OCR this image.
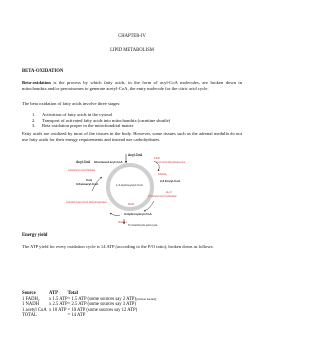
CHAPTER-IV
LIPID METABOLISM
BETA-OXIDATION
Beta-oxidation is the process by which fatty acids, in the form of acyl-CoA molecules, are broken down in mitochondria and/or peroxisomes to generate acetyl-CoA, the entry molecule for the citric acid cycle.
The beta oxidation of fatty acids involve three stages:
1. Activation of fatty acids in the cytosol
2. Transport of activated fatty acids into mitochondria (carnitine shuttle)
3. Beta oxidation proper in the mitochondrial matrix
Fatty acids are oxidized by most of the tissues in the body. However, some tissues such as the adrenal medulla do not use fatty acids for their energy requirements and instead use carbohydrates.
Acyl-CoA
Acyl-CoA Shortened acyl-CoA
FAD
Acyl-CoA dehydrogenase
3-ketoacyl-CoA thiolase
CoA
FADH₂
2,3 Enoyl-CoA
3-Ketoacyl-CoA	L-3-Hydroxyacyl-CoA
3-Hydroxyacyl-CoA dehydrogenase
2,3 Enoyl-CoA hydratase
H₂O
NAD
NADH
3-Hydroxyacyl-CoA
To tricarboxylic acid cycle
Energy yield
The ATP yield for every oxidation cycle is 14 ATP (according to the P/O ratio), broken down as follows:
Source	ATP	Total
1 FADH₂	x 1.5 ATP	= 1.5 ATP (some sources say 2 ATP)[citation needed]
1 NADH	x 2.5 ATP	= 2.5 ATP (some sources say 3 ATP)
1 acetyl CoA	x 10 ATP	= 10 ATP (some sources say 12 ATP)
TOTAL		= 14 ATP
